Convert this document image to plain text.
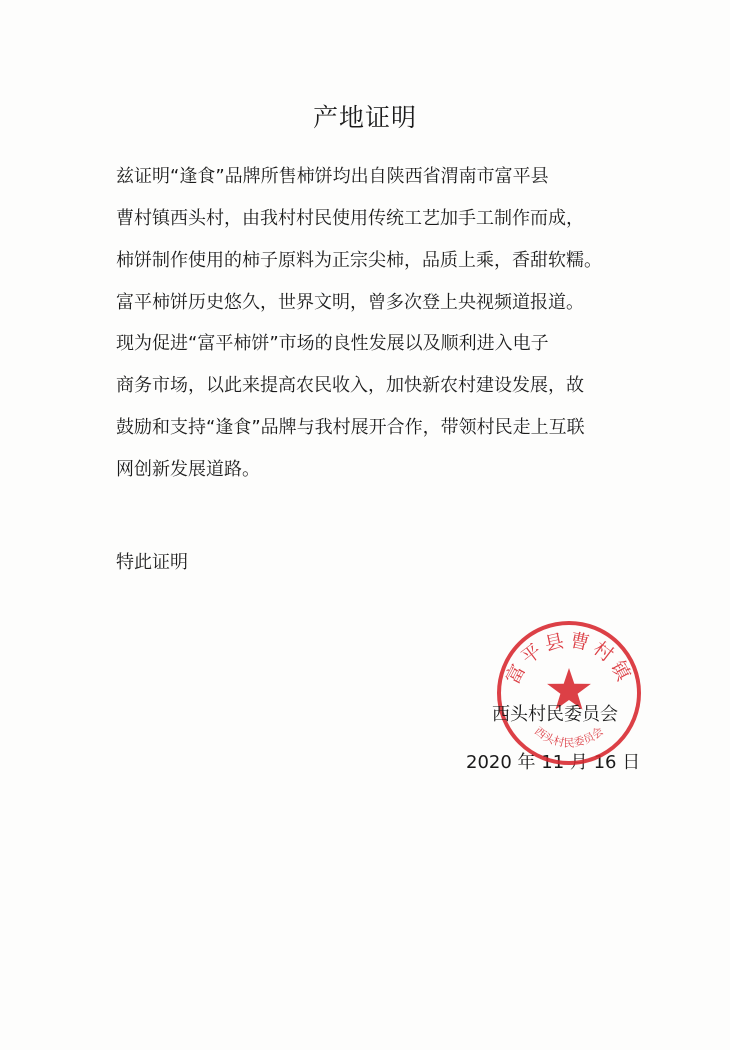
产地证明

兹证明“逢食”品牌所售柿饼均出自陕西省渭南市富平县
曹村镇西头村，由我村村民使用传统工艺加手工制作而成，
柿饼制作使用的柿子原料为正宗尖柿，品质上乘，香甜软糯。
富平柿饼历史悠久，世界文明，曾多次登上央视频道报道。

现为促进“富平柿饼”市场的良性发展以及顺利进入电子
商务市场，以此来提高农民收入，加快新农村建设发展，故
鼓励和支持“逢食”品牌与我村展开合作，带领村民走上互联
网创新发展道路。

特此证明
富平县曹村镇
西头村民委员会
西头村民委员会
2020 年 11 月 16 日
